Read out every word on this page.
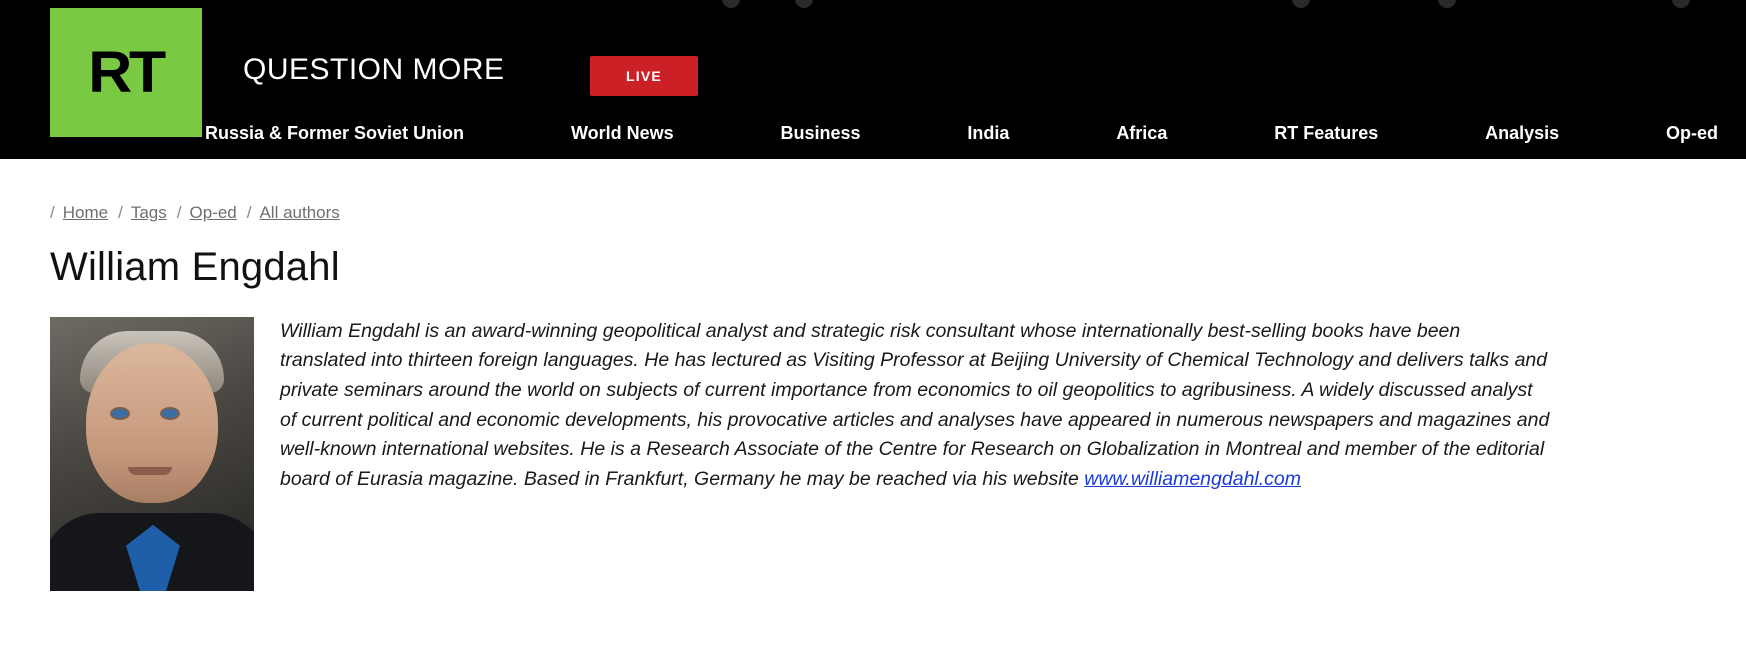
RT	QUESTION MORE	LIVE
Russia & Former Soviet Union	World News	Business	India	Africa	RT Features	Analysis	Op-ed
/ Home / Tags / Op-ed / All authors
William Engdahl
William Engdahl is an award-winning geopolitical analyst and strategic risk consultant whose internationally best-selling books have been translated into thirteen foreign languages. He has lectured as Visiting Professor at Beijing University of Chemical Technology and delivers talks and private seminars around the world on subjects of current importance from economics to oil geopolitics to agribusiness. A widely discussed analyst of current political and economic developments, his provocative articles and analyses have appeared in numerous newspapers and magazines and well-known international websites. He is a Research Associate of the Centre for Research on Globalization in Montreal and member of the editorial board of Eurasia magazine. Based in Frankfurt, Germany he may be reached via his website www.williamengdahl.com
